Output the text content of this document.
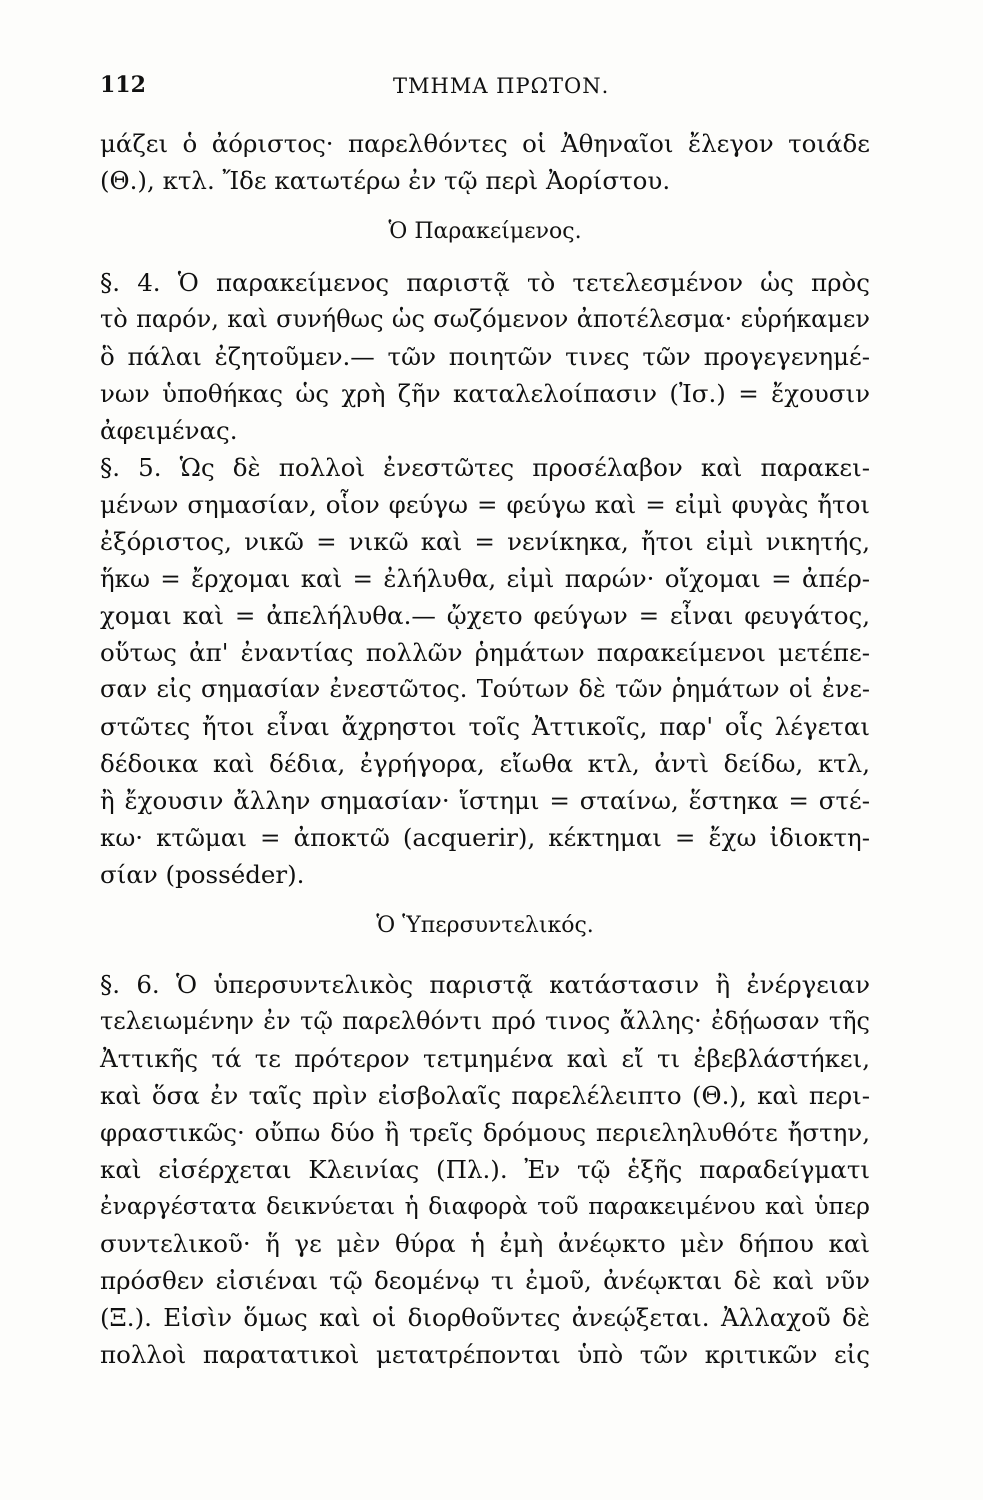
112	ΤΜΗΜΑ ΠΡΩΤΟΝ.
μάζει ὁ ἀόριστος· παρελθόντες οἱ Ἀθηναῖοι ἔλεγον τοιάδε
(Θ.), κτλ. Ἴδε κατωτέρω ἐν τῷ περὶ Ἀορίστου.
Ὁ Παρακείμενος.
§. 4. Ὁ παρακείμενος παριστᾷ τὸ τετελεσμένον ὡς πρὸς
τὸ παρόν, καὶ συνήθως ὡς σωζόμενον ἀποτέλεσμα· εὑρήκαμεν
ὃ πάλαι ἐζητοῦμεν.— τῶν ποιητῶν τινες τῶν προγεγενημέ-
νων ὑποθήκας ὡς χρὴ ζῆν καταλελοίπασιν (Ἰσ.) = ἔχουσιν
ἀφειμένας.
§. 5. Ὡς δὲ πολλοὶ ἐνεστῶτες προσέλαβον καὶ παρακει-
μένων σημασίαν, οἷον φεύγω = φεύγω καὶ = εἰμὶ φυγὰς ἤτοι
ἐξόριστος, νικῶ = νικῶ καὶ = νενίκηκα, ἤτοι εἰμὶ νικητής,
ἥκω = ἔρχομαι καὶ = ἐλήλυθα, εἰμὶ παρών· οἴχομαι = ἀπέρ-
χομαι καὶ = ἀπελήλυθα.— ᾤχετο φεύγων = εἶναι φευγάτος,
οὕτως ἀπ' ἐναντίας πολλῶν ῥημάτων παρακείμενοι μετέπε-
σαν εἰς σημασίαν ἐνεστῶτος. Τούτων δὲ τῶν ῥημάτων οἱ ἐνε-
στῶτες ἤτοι εἶναι ἄχρηστοι τοῖς Ἀττικοῖς, παρ' οἷς λέγεται
δέδοικα καὶ δέδια, ἐγρήγορα, εἴωθα κτλ, ἀντὶ δείδω, κτλ,
ἢ ἔχουσιν ἄλλην σημασίαν· ἵστημι = σταίνω, ἕστηκα = στέ-
κω· κτῶμαι = ἀποκτῶ (acquerir), κέκτημαι = ἔχω ἰδιοκτη-
σίαν (posséder).
Ὁ Ὑπερσυντελικός.
§. 6. Ὁ ὑπερσυντελικὸς παριστᾷ κατάστασιν ἢ ἐνέργειαν
τελειωμένην ἐν τῷ παρελθόντι πρό τινος ἄλλης· ἐδῄωσαν τῆς
Ἀττικῆς τά τε πρότερον τετμημένα καὶ εἴ τι ἐβεβλάστήκει,
καὶ ὅσα ἐν ταῖς πρὶν εἰσβολαῖς παρελέλειπτο (Θ.), καὶ περι-
φραστικῶς· οὔπω δύο ἢ τρεῖς δρόμους περιεληλυθότε ἤστην,
καὶ εἰσέρχεται Κλεινίας (Πλ.). Ἐν τῷ ἑξῆς παραδείγματι
ἐναργέστατα δεικνύεται ἡ διαφορὰ τοῦ παρακειμένου καὶ ὑπερ
συντελικοῦ· ἥ γε μὲν θύρα ἡ ἐμὴ ἀνέῳκτο μὲν δήπου καὶ
πρόσθεν εἰσιέναι τῷ δεομένῳ τι ἐμοῦ, ἀνέῳκται δὲ καὶ νῦν
(Ξ.). Εἰσὶν ὅμως καὶ οἱ διορθοῦντες ἀνεῴξεται. Ἀλλαχοῦ δὲ
πολλοὶ παρατατικοὶ μετατρέπονται ὑπὸ τῶν κριτικῶν εἰς
